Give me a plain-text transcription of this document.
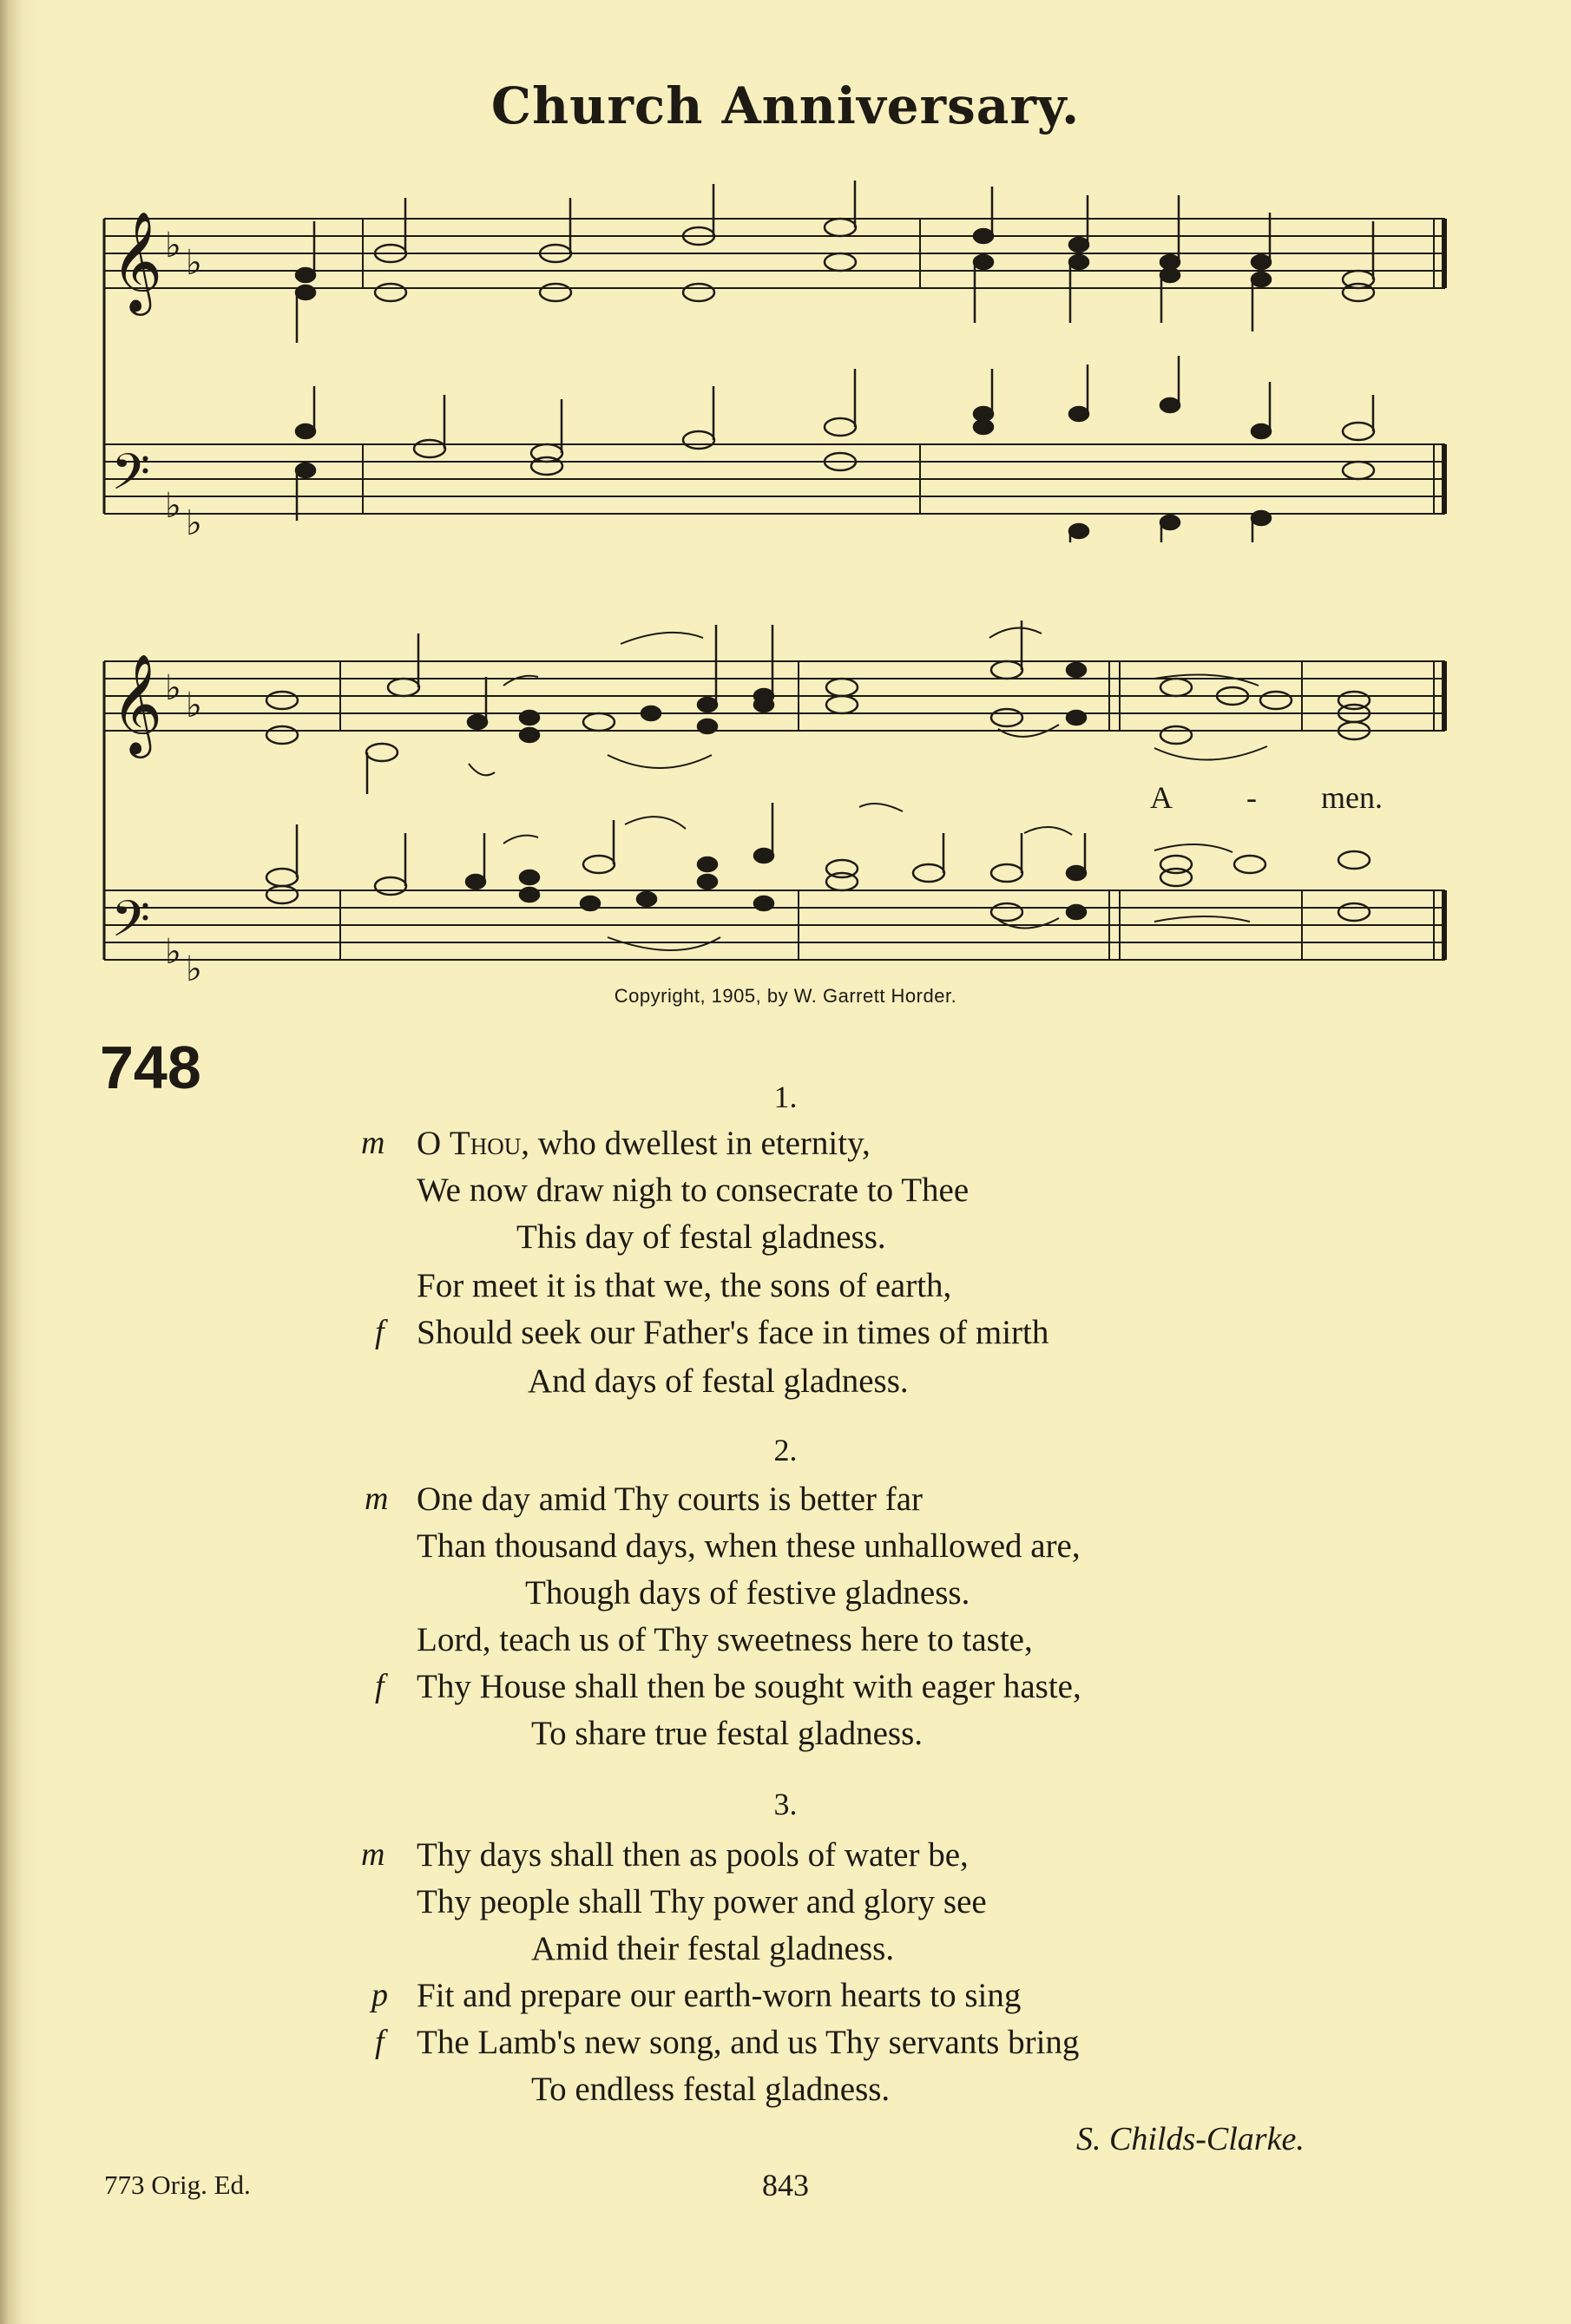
Church Anniversary.
𝄞
𝄢
𝄞
𝄢
♭ ♭
♭ ♭
♭ ♭
♭ ♭
A - men.
Copyright, 1905, by W. Garrett Horder.
748	1.
m O Thou, who dwellest in eternity,
We now draw nigh to consecrate to Thee
This day of festal gladness.
For meet it is that we, the sons of earth,
f Should seek our Father's face in times of mirth
And days of festal gladness.
2.
m One day amid Thy courts is better far
Than thousand days, when these unhallowed are,
Though days of festive gladness.
Lord, teach us of Thy sweetness here to taste,
f Thy House shall then be sought with eager haste,
To share true festal gladness.
3.
m Thy days shall then as pools of water be,
Thy people shall Thy power and glory see
Amid their festal gladness.
p Fit and prepare our earth-worn hearts to sing
f The Lamb's new song, and us Thy servants bring
To endless festal gladness.
S. Childs-Clarke.
773 Orig. Ed.	843
